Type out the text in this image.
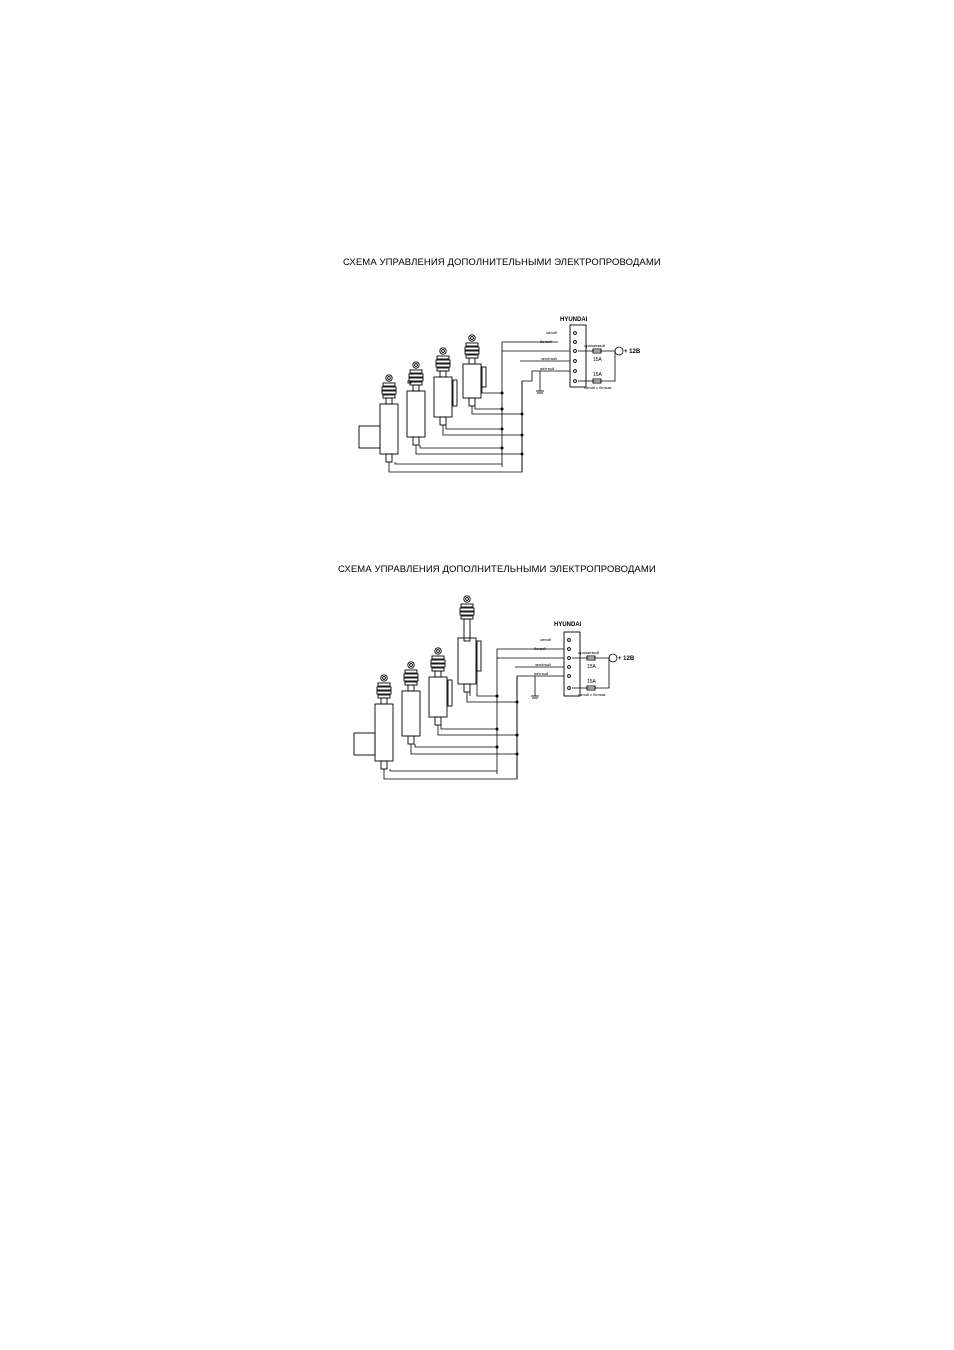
СХЕМА УПРАВЛЕНИЯ ДОПОЛНИТЕЛЬНЫМИ ЭЛЕКТРОПРОВОДАМИ
HYUNDAI
синий
белый
зелёный
жёлтый
оранжевый
15А
15А
синий с белым
+ 12В
СХЕМА УПРАВЛЕНИЯ ДОПОЛНИТЕЛЬНЫМИ ЭЛЕКТРОПРОВОДАМИ
HYUNDAI
синий
белый
зелёный
жёлтый
оранжевый
15А
15А
синий с белым
+ 12В
